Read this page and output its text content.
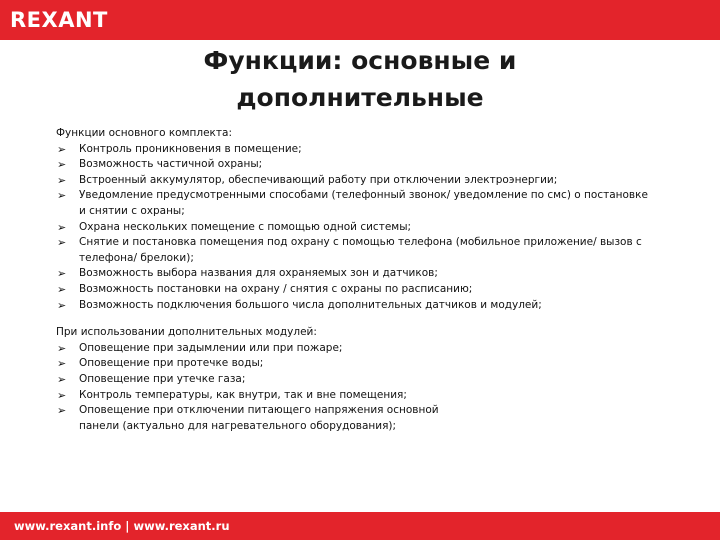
REXANT
Функции: основные и
дополнительные
Функции основного комплекта:
➢	Контроль проникновения в помещение;
➢	Возможность частичной охраны;
➢	Встроенный аккумулятор, обеспечивающий работу при отключении электроэнергии;
➢	Уведомление предусмотренными способами (телефонный звонок/ уведомление по смс) о постановке и снятии с охраны;
➢	Охрана нескольких помещение с помощью одной системы;
➢	Снятие и постановка помещения под охрану с помощью телефона (мобильное приложение/ вызов с телефона/ брелоки);
➢	Возможность выбора названия для охраняемых зон и датчиков;
➢	Возможность постановки на охрану / снятия с охраны по расписанию;
➢	Возможность подключения большого числа дополнительных датчиков и модулей;
При использовании дополнительных модулей:
➢	Оповещение при задымлении или при пожаре;
➢	Оповещение при протечке воды;
➢	Оповещение при утечке газа;
➢	Контроль температуры, как внутри, так и вне помещения;
➢	Оповещение при отключении питающего напряжения основной панели (актуально для нагревательного оборудования);
www.rexant.info | www.rexant.ru
